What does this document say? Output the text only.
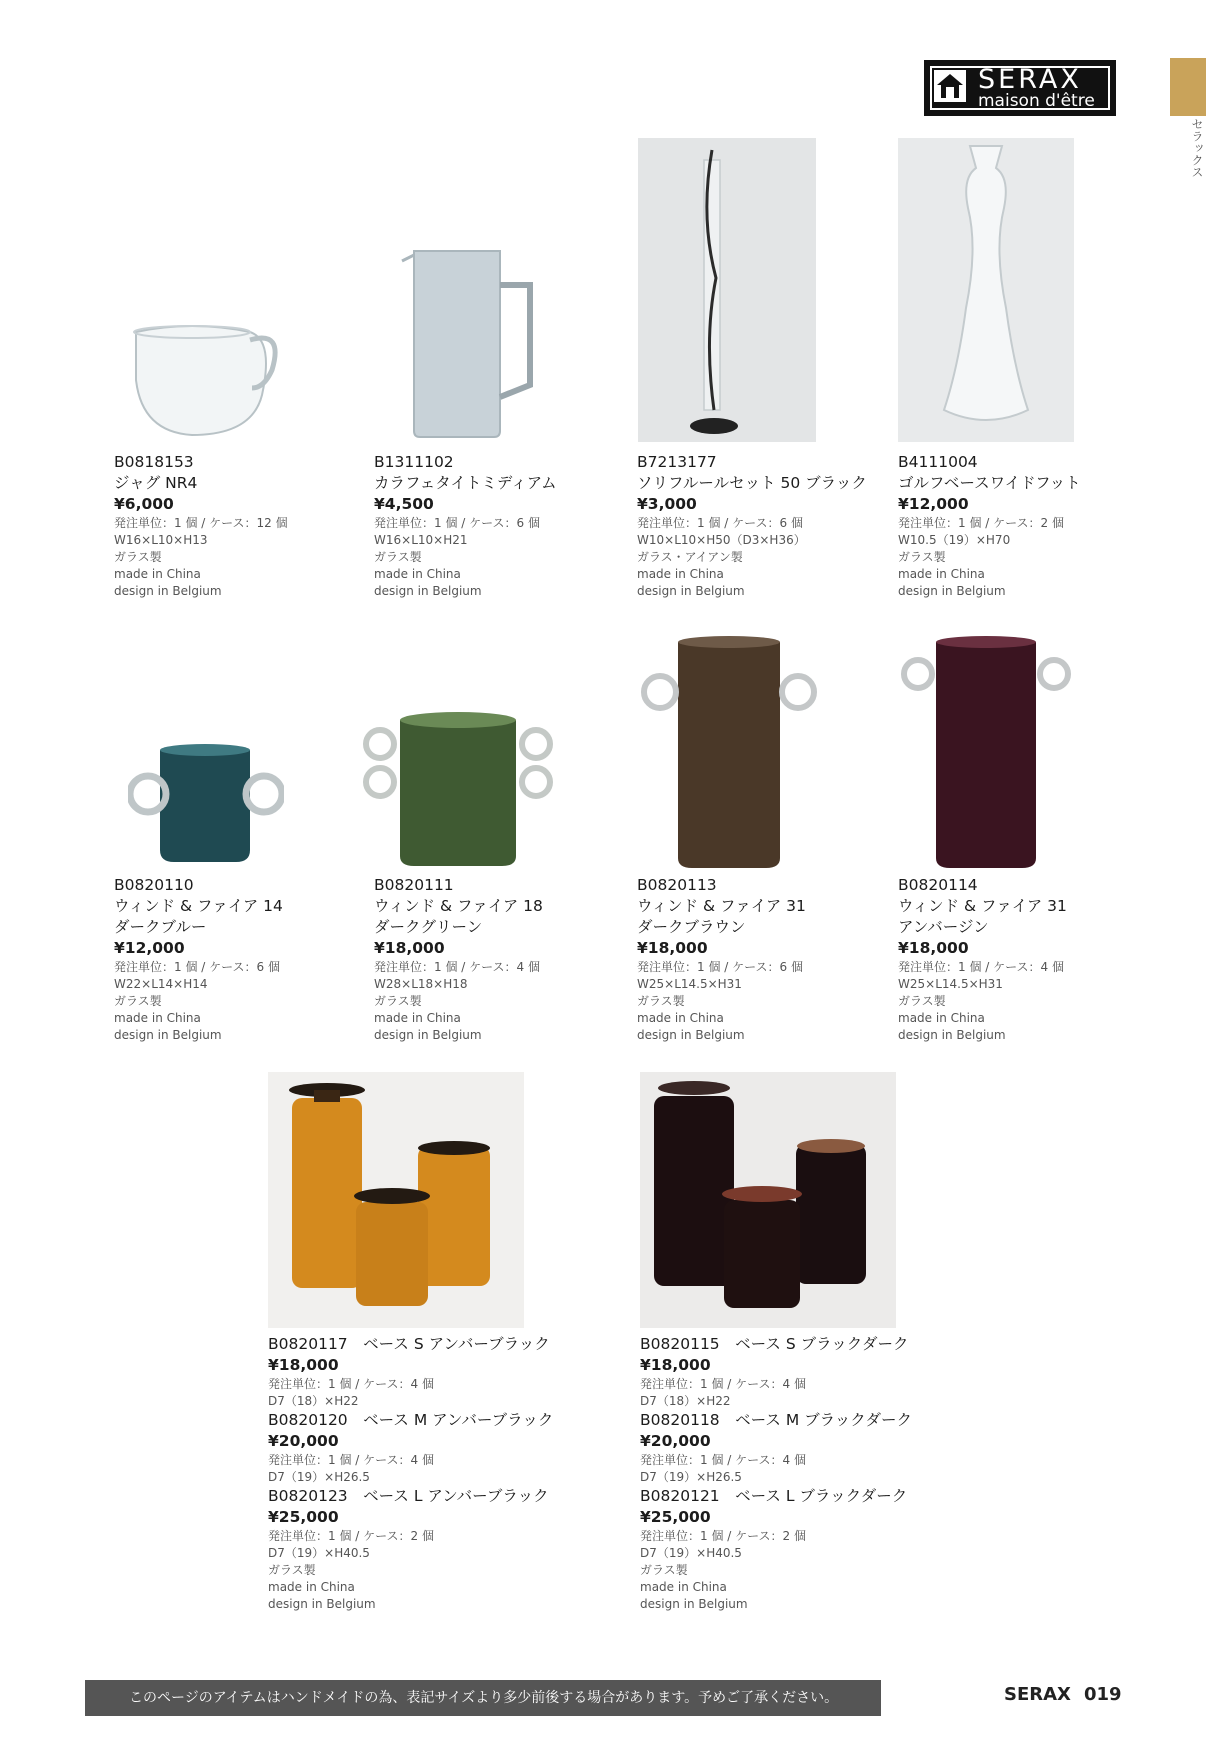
SERAX
maison d'être
セラックス
B0818153
ジャグ NR4
¥6,000
発注単位：1 個 / ケース：12 個
W16×L10×H13
ガラス製
made in China
design in Belgium
B1311102
カラフェタイトミディアム
¥4,500
発注単位：1 個 / ケース：6 個
W16×L10×H21
ガラス製
made in China
design in Belgium
B7213177
ソリフルールセット 50 ブラック
¥3,000
発注単位：1 個 / ケース：6 個
W10×L10×H50（D3×H36）
ガラス・アイアン製
made in China
design in Belgium
B4111004
ゴルフベースワイドフット
¥12,000
発注単位：1 個 / ケース：2 個
W10.5（19）×H70
ガラス製
made in China
design in Belgium
B0820110
ウィンド & ファイア 14
ダークブルー
¥12,000
発注単位：1 個 / ケース：6 個
W22×L14×H14
ガラス製
made in China
design in Belgium
B0820111
ウィンド & ファイア 18
ダークグリーン
¥18,000
発注単位：1 個 / ケース：4 個
W28×L18×H18
ガラス製
made in China
design in Belgium
B0820113
ウィンド & ファイア 31
ダークブラウン
¥18,000
発注単位：1 個 / ケース：6 個
W25×L14.5×H31
ガラス製
made in China
design in Belgium
B0820114
ウィンド & ファイア 31
アンバージン
¥18,000
発注単位：1 個 / ケース：4 個
W25×L14.5×H31
ガラス製
made in China
design in Belgium
B0820117　ベース S アンバーブラック
¥18,000
発注単位：1 個 / ケース：4 個
D7（18）×H22
B0820120　ベース M アンバーブラック
¥20,000
発注単位：1 個 / ケース：4 個
D7（19）×H26.5
B0820123　ベース L アンバーブラック
¥25,000
発注単位：1 個 / ケース：2 個
D7（19）×H40.5
ガラス製
made in China
design in Belgium
B0820115　ベース S ブラックダーク
¥18,000
発注単位：1 個 / ケース：4 個
D7（18）×H22
B0820118　ベース M ブラックダーク
¥20,000
発注単位：1 個 / ケース：4 個
D7（19）×H26.5
B0820121　ベース L ブラックダーク
¥25,000
発注単位：1 個 / ケース：2 個
D7（19）×H40.5
ガラス製
made in China
design in Belgium
このページのアイテムはハンドメイドの為、表記サイズより多少前後する場合があります。予めご了承ください。	SERAX 019
